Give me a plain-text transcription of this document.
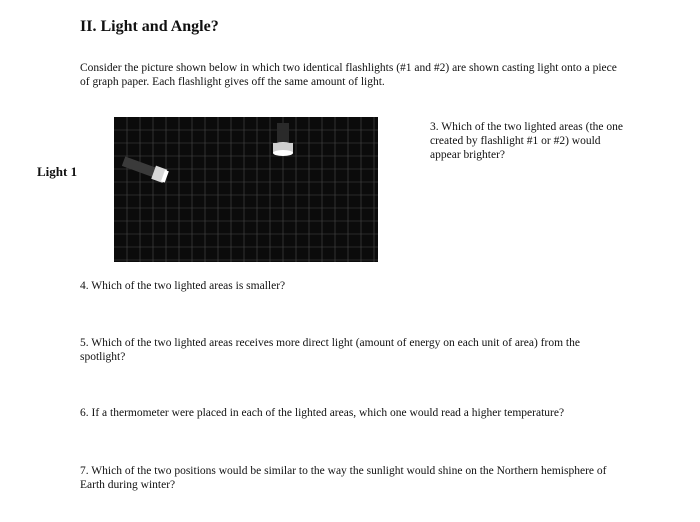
II. Light and Angle?

Consider the picture shown below in which two identical flashlights (#1 and #2) are shown casting light onto a piece of graph paper. Each flashlight gives off the same amount of light.

Light 1

3. Which of the two lighted areas (the one created by flashlight #1 or #2) would appear brighter?

4. Which of the two lighted areas is smaller?

5. Which of the two lighted areas receives more direct light (amount of energy on each unit of area) from the spotlight?

6. If a thermometer were placed in each of the lighted areas, which one would read a higher temperature?

7. Which of the two positions would be similar to the way the sunlight would shine on the Northern hemisphere of Earth during winter?
